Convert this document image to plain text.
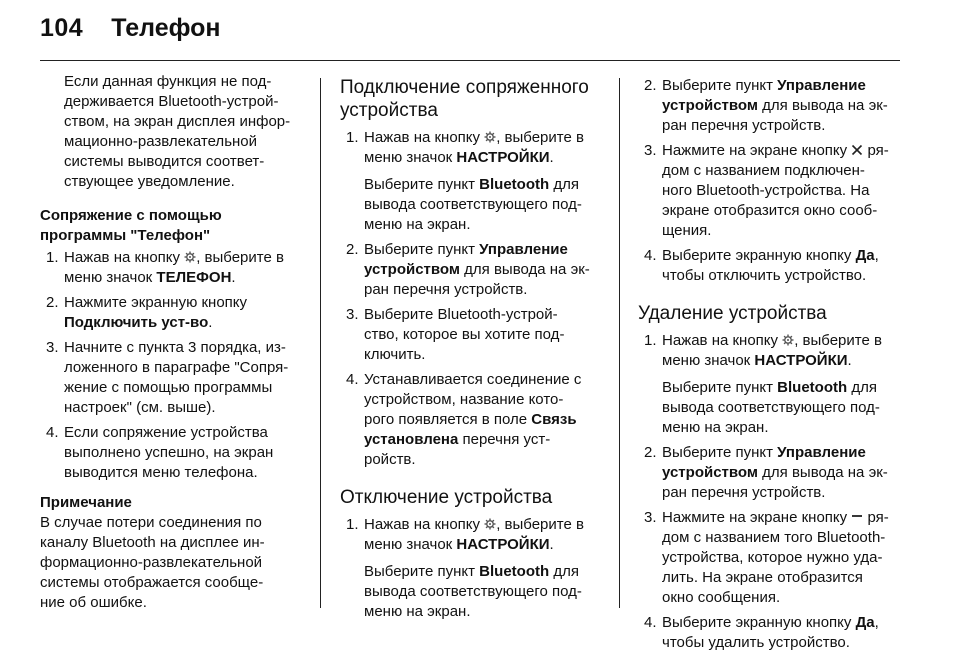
104 Телефон
Если данная функция не под-
держивается Bluetooth-устрой-
ством, на экран дисплея инфор-
мационно-развлекательной
системы выводится соответ-
ствующее уведомление.
Сопряжение с помощью
программы "Телефон"
1. Нажав на кнопку , выберите в
меню значок ТЕЛЕФОН.
2. Нажмите экранную кнопку
Подключить уст-во.
3. Начните с пункта 3 порядка, из-
ложенного в параграфе "Сопря-
жение с помощью программы
настроек" (см. выше).
4. Если сопряжение устройства
выполнено успешно, на экран
выводится меню телефона.
Примечание
В случае потери соединения по
каналу Bluetooth на дисплее ин-
формационно-развлекательной
системы отображается сообще-
ние об ошибке.
Подключение сопряженного
устройства
1. Нажав на кнопку , выберите в
меню значок НАСТРОЙКИ.
Выберите пункт Bluetooth для
вывода соответствующего под-
меню на экран.
2. Выберите пункт Управление
устройством для вывода на эк-
ран перечня устройств.
3. Выберите Bluetooth-устрой-
ство, которое вы хотите под-
ключить.
4. Устанавливается соединение с
устройством, название кото-
рого появляется в поле Связь
установлена перечня уст-
ройств.
Отключение устройства
1. Нажав на кнопку , выберите в
меню значок НАСТРОЙКИ.
Выберите пункт Bluetooth для
вывода соответствующего под-
меню на экран.
2. Выберите пункт Управление
устройством для вывода на эк-
ран перечня устройств.
3. Нажмите на экране кнопку  ря-
дом с названием подключен-
ного Bluetooth-устройства. На
экране отобразится окно сооб-
щения.
4. Выберите экранную кнопку Да,
чтобы отключить устройство.
Удаление устройства
1. Нажав на кнопку , выберите в
меню значок НАСТРОЙКИ.
Выберите пункт Bluetooth для
вывода соответствующего под-
меню на экран.
2. Выберите пункт Управление
устройством для вывода на эк-
ран перечня устройств.
3. Нажмите на экране кнопку  ря-
дом с названием того Bluetooth-
устройства, которое нужно уда-
лить. На экране отобразится
окно сообщения.
4. Выберите экранную кнопку Да,
чтобы удалить устройство.
